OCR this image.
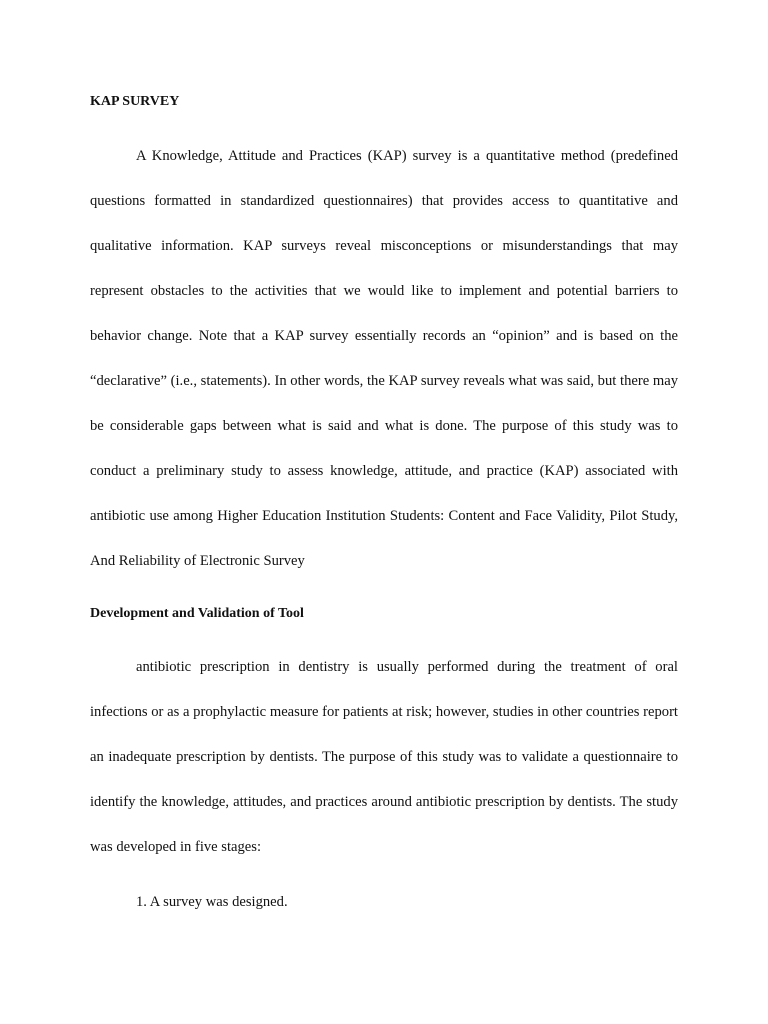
KAP SURVEY

A Knowledge, Attitude and Practices (KAP) survey is a quantitative method (predefined questions formatted in standardized questionnaires) that provides access to quantitative and qualitative information. KAP surveys reveal misconceptions or misunderstandings that may represent obstacles to the activities that we would like to implement and potential barriers to behavior change. Note that a KAP survey essentially records an “opinion” and is based on the “declarative” (i.e., statements). In other words, the KAP survey reveals what was said, but there may be considerable gaps between what is said and what is done. The purpose of this study was to conduct a preliminary study to assess knowledge, attitude, and practice (KAP) associated with antibiotic use among Higher Education Institution Students: Content and Face Validity, Pilot Study, And Reliability of Electronic Survey

Development and Validation of Tool

antibiotic prescription in dentistry is usually performed during the treatment of oral infections or as a prophylactic measure for patients at risk; however, studies in other countries report an inadequate prescription by dentists. The purpose of this study was to validate a questionnaire to identify the knowledge, attitudes, and practices around antibiotic prescription by dentists. The study was developed in five stages:

1. A survey was designed.
